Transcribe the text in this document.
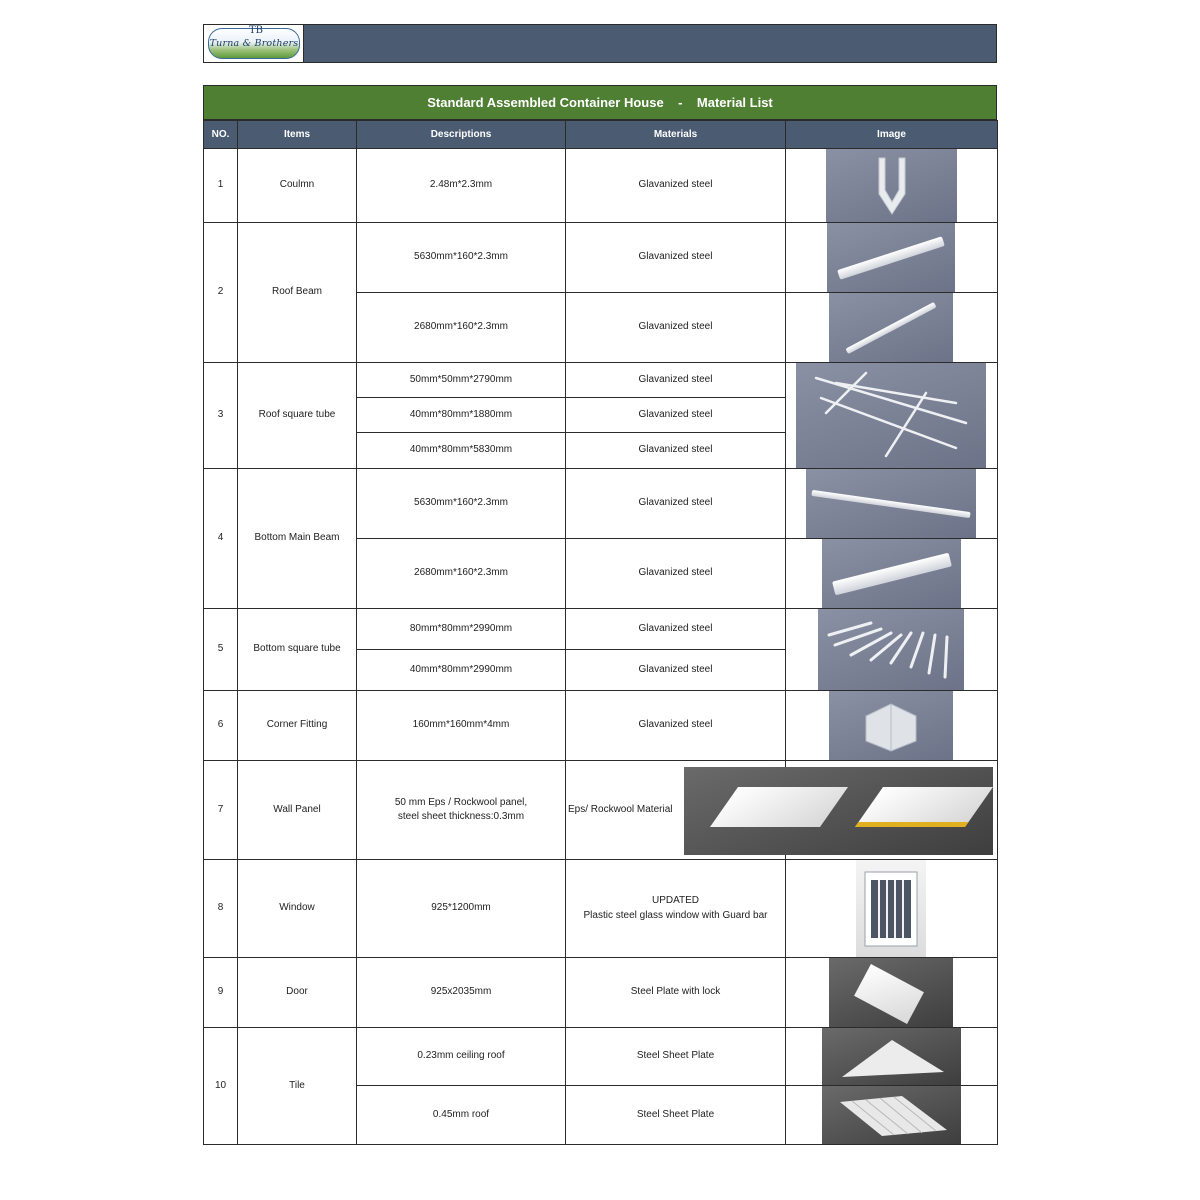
TB
Turna & Brothers
Standard Assembled Container House    -    Material List
NO.	Items	Descriptions	Materials	Image
1	Coulmn	2.48m*2.3mm	Glavanized steel	

2	Roof Beam	5630mm*160*2.3mm	Glavanized steel	

		2680mm*160*2.3mm	Glavanized steel	

3	Roof square tube	50mm*50mm*2790mm	Glavanized steel	

		40mm*80mm*1880mm	Glavanized steel	
		40mm*80mm*5830mm	Glavanized steel	
4	Bottom Main Beam	5630mm*160*2.3mm	Glavanized steel	

		2680mm*160*2.3mm	Glavanized steel	

5	Bottom square tube	80mm*80mm*2990mm	Glavanized steel	

		40mm*80mm*2990mm	Glavanized steel	
6	Corner Fitting	160mm*160mm*4mm	Glavanized steel	

7	Wall Panel	50 mm Eps / Rockwool panel,
steel sheet thickness:0.3mm	Eps/ Rockwool Material	

8	Window	925*1200mm	UPDATED
Plastic steel glass window with Guard bar	

9	Door	925x2035mm	Steel Plate with lock	

10	Tile	0.23mm ceiling roof	Steel Sheet Plate	

		0.45mm roof	Steel Sheet Plate	
